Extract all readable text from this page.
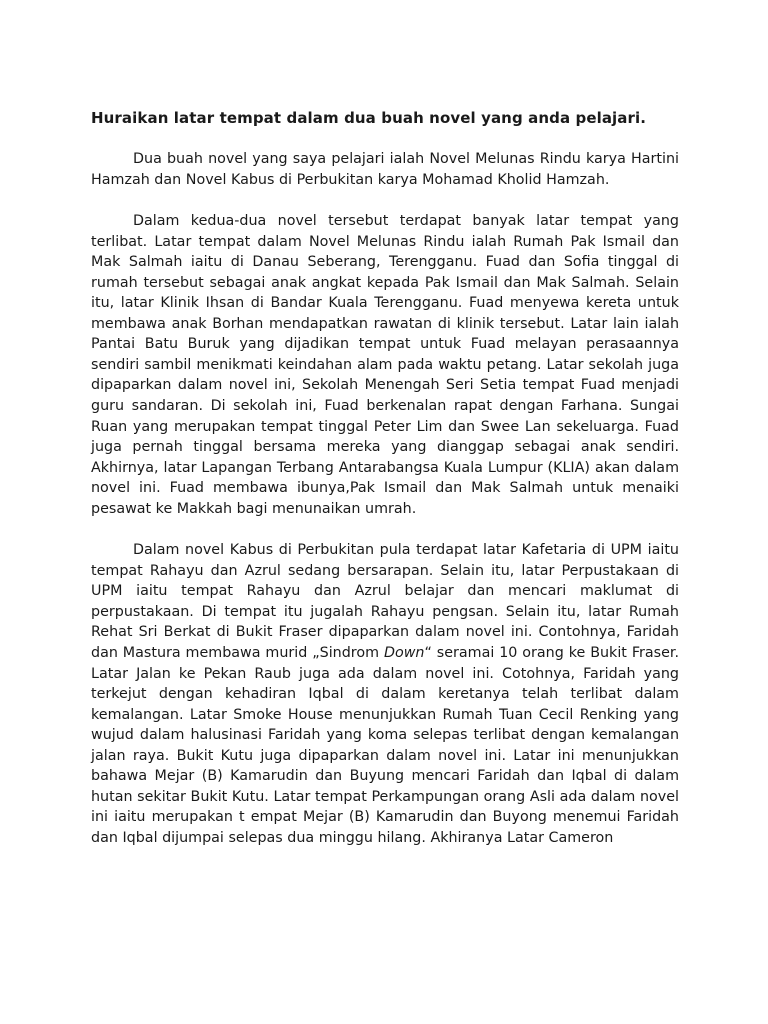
Huraikan latar tempat dalam dua buah novel yang anda pelajari.

Dua buah novel yang saya pelajari ialah Novel Melunas Rindu karya Hartini Hamzah dan Novel Kabus di Perbukitan karya Mohamad Kholid Hamzah.

Dalam kedua-dua novel tersebut terdapat banyak latar tempat yang terlibat. Latar tempat dalam Novel Melunas Rindu ialah Rumah Pak Ismail dan Mak Salmah iaitu di Danau Seberang, Terengganu. Fuad dan Sofia tinggal di rumah tersebut sebagai anak angkat kepada Pak Ismail dan Mak Salmah. Selain itu, latar Klinik Ihsan di Bandar Kuala Terengganu. Fuad menyewa kereta untuk membawa anak Borhan mendapatkan rawatan di klinik tersebut. Latar lain ialah Pantai Batu Buruk yang dijadikan tempat untuk Fuad melayan perasaannya sendiri sambil menikmati keindahan alam pada waktu petang. Latar sekolah juga dipaparkan dalam novel ini, Sekolah Menengah Seri Setia tempat Fuad menjadi guru sandaran. Di sekolah ini, Fuad berkenalan rapat dengan Farhana. Sungai Ruan yang merupakan tempat tinggal Peter Lim dan Swee Lan sekeluarga. Fuad juga pernah tinggal bersama mereka yang dianggap sebagai anak sendiri. Akhirnya, latar Lapangan Terbang Antarabangsa Kuala Lumpur (KLIA) akan dalam novel ini. Fuad membawa ibunya,Pak Ismail dan Mak Salmah untuk menaiki pesawat ke Makkah bagi menunaikan umrah.

Dalam novel Kabus di Perbukitan pula terdapat latar Kafetaria di UPM iaitu tempat Rahayu dan Azrul sedang bersarapan. Selain itu, latar Perpustakaan di UPM iaitu tempat Rahayu dan Azrul belajar dan mencari maklumat di perpustakaan. Di tempat itu jugalah Rahayu pengsan. Selain itu, latar Rumah Rehat Sri Berkat di Bukit Fraser dipaparkan dalam novel ini. Contohnya, Faridah dan Mastura membawa murid „Sindrom Down“ seramai 10 orang ke Bukit Fraser. Latar Jalan ke Pekan Raub juga ada dalam novel ini. Cotohnya, Faridah yang terkejut dengan kehadiran Iqbal di dalam keretanya telah terlibat dalam kemalangan. Latar Smoke House menunjukkan Rumah Tuan Cecil Renking yang wujud dalam halusinasi Faridah yang koma selepas terlibat dengan kemalangan jalan raya. Bukit Kutu juga dipaparkan dalam novel ini. Latar ini menunjukkan bahawa Mejar (B) Kamarudin dan Buyung mencari Faridah dan Iqbal di dalam hutan sekitar Bukit Kutu. Latar tempat Perkampungan orang Asli ada dalam novel ini iaitu merupakan t empat Mejar (B) Kamarudin dan Buyong menemui Faridah dan Iqbal dijumpai selepas dua minggu hilang. Akhiranya Latar Cameron
